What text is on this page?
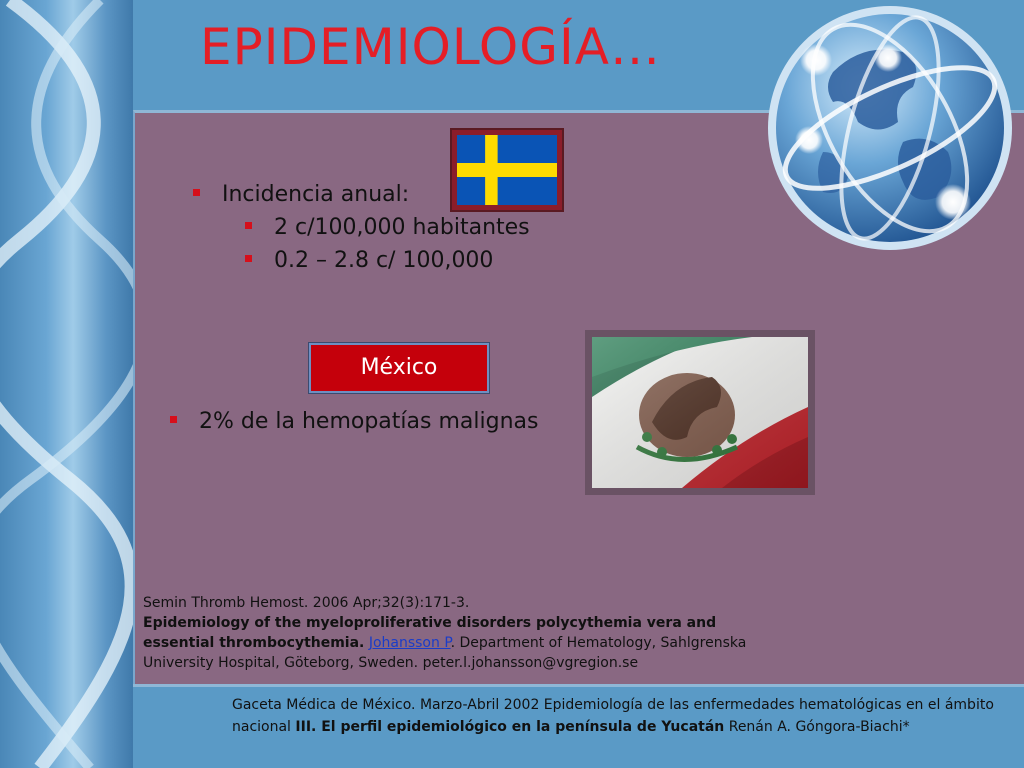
EPIDEMIOLOGÍA…
Incidencia anual:
2 c/100,000 habitantes
0.2 – 2.8 c/ 100,000
México
2% de la hemopatías malignas
Semin Thromb Hemost. 2006 Apr;32(3):171-3.
Epidemiology of the myeloproliferative disorders polycythemia vera and essential thrombocythemia. Johansson P. Department of Hematology, Sahlgrenska University Hospital, Göteborg, Sweden. peter.l.johansson@vgregion.se
Gaceta Médica de México. Marzo-Abril 2002 Epidemiología de las enfermedades hematológicas en el ámbito nacional III. El perfil epidemiológico en la península de Yucatán Renán A. Góngora-Biachi*
